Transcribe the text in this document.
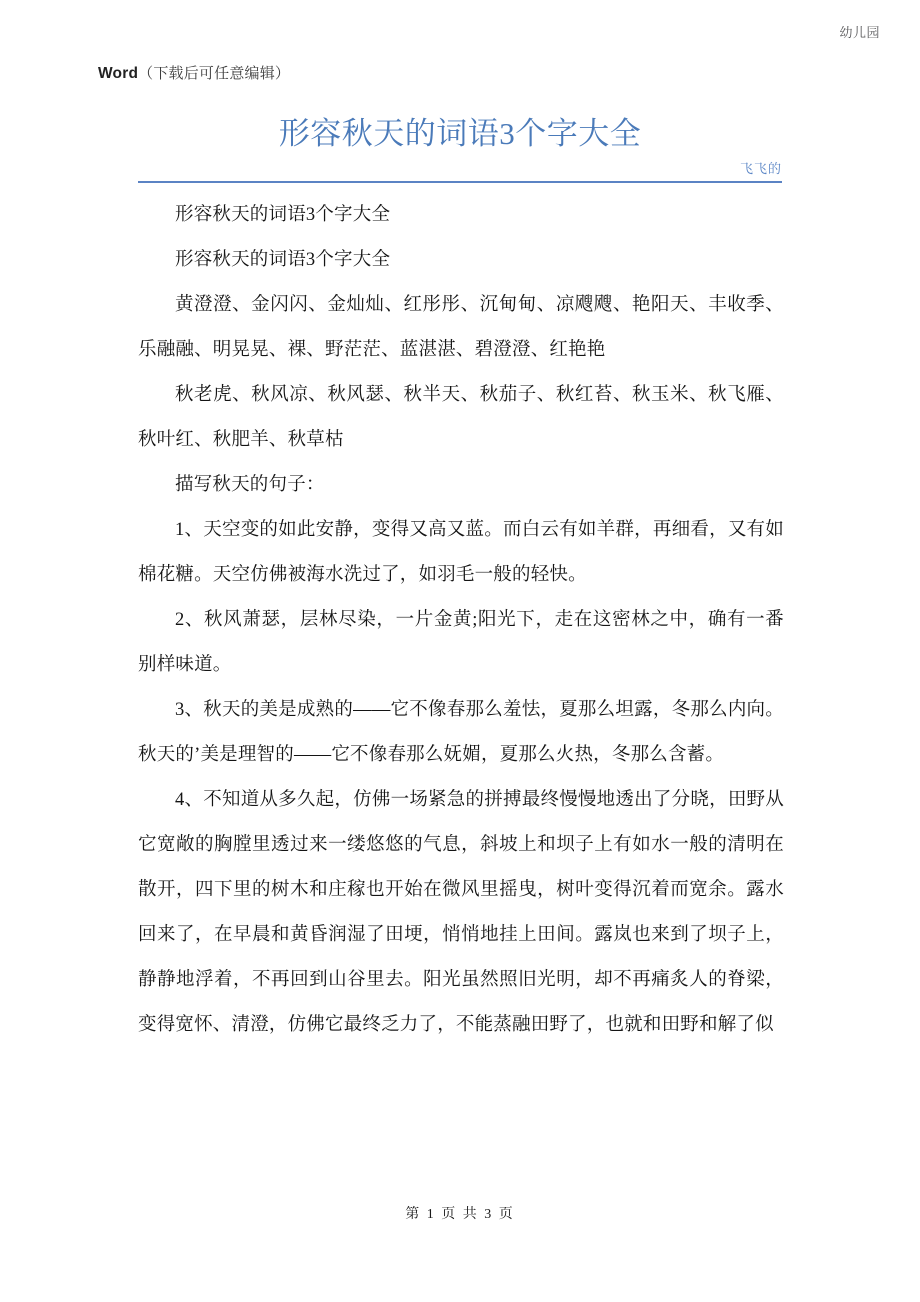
Word（下载后可任意编辑）
幼儿园
形容秋天的词语3个字大全
飞飞的

形容秋天的词语3个字大全

形容秋天的词语3个字大全

黄澄澄、金闪闪、金灿灿、红彤彤、沉甸甸、凉飕飕、艳阳天、丰收季、乐融融、明晃晃、裸、野茫茫、蓝湛湛、碧澄澄、红艳艳

秋老虎、秋风凉、秋风瑟、秋半天、秋茄子、秋红苔、秋玉米、秋飞雁、秋叶红、秋肥羊、秋草枯

描写秋天的句子：

1、天空变的如此安静，变得又高又蓝。而白云有如羊群，再细看，又有如棉花糖。天空仿佛被海水洗过了，如羽毛一般的轻快。

2、秋风萧瑟，层林尽染，一片金黄;阳光下，走在这密林之中，确有一番别样味道。

3、秋天的美是成熟的——它不像春那么羞怯，夏那么坦露，冬那么内向。秋天的’美是理智的——它不像春那么妩媚，夏那么火热，冬那么含蓄。

4、不知道从多久起，仿佛一场紧急的拼搏最终慢慢地透出了分晓，田野从它宽敞的胸膛里透过来一缕悠悠的气息，斜坡上和坝子上有如水一般的清明在散开，四下里的树木和庄稼也开始在微风里摇曳，树叶变得沉着而宽余。露水回来了，在早晨和黄昏润湿了田埂，悄悄地挂上田间。露岚也来到了坝子上，静静地浮着，不再回到山谷里去。阳光虽然照旧光明，却不再痛炙人的脊梁，变得宽怀、清澄，仿佛它最终乏力了，不能蒸融田野了，也就和田野和解了似

第 1 页 共 3 页
